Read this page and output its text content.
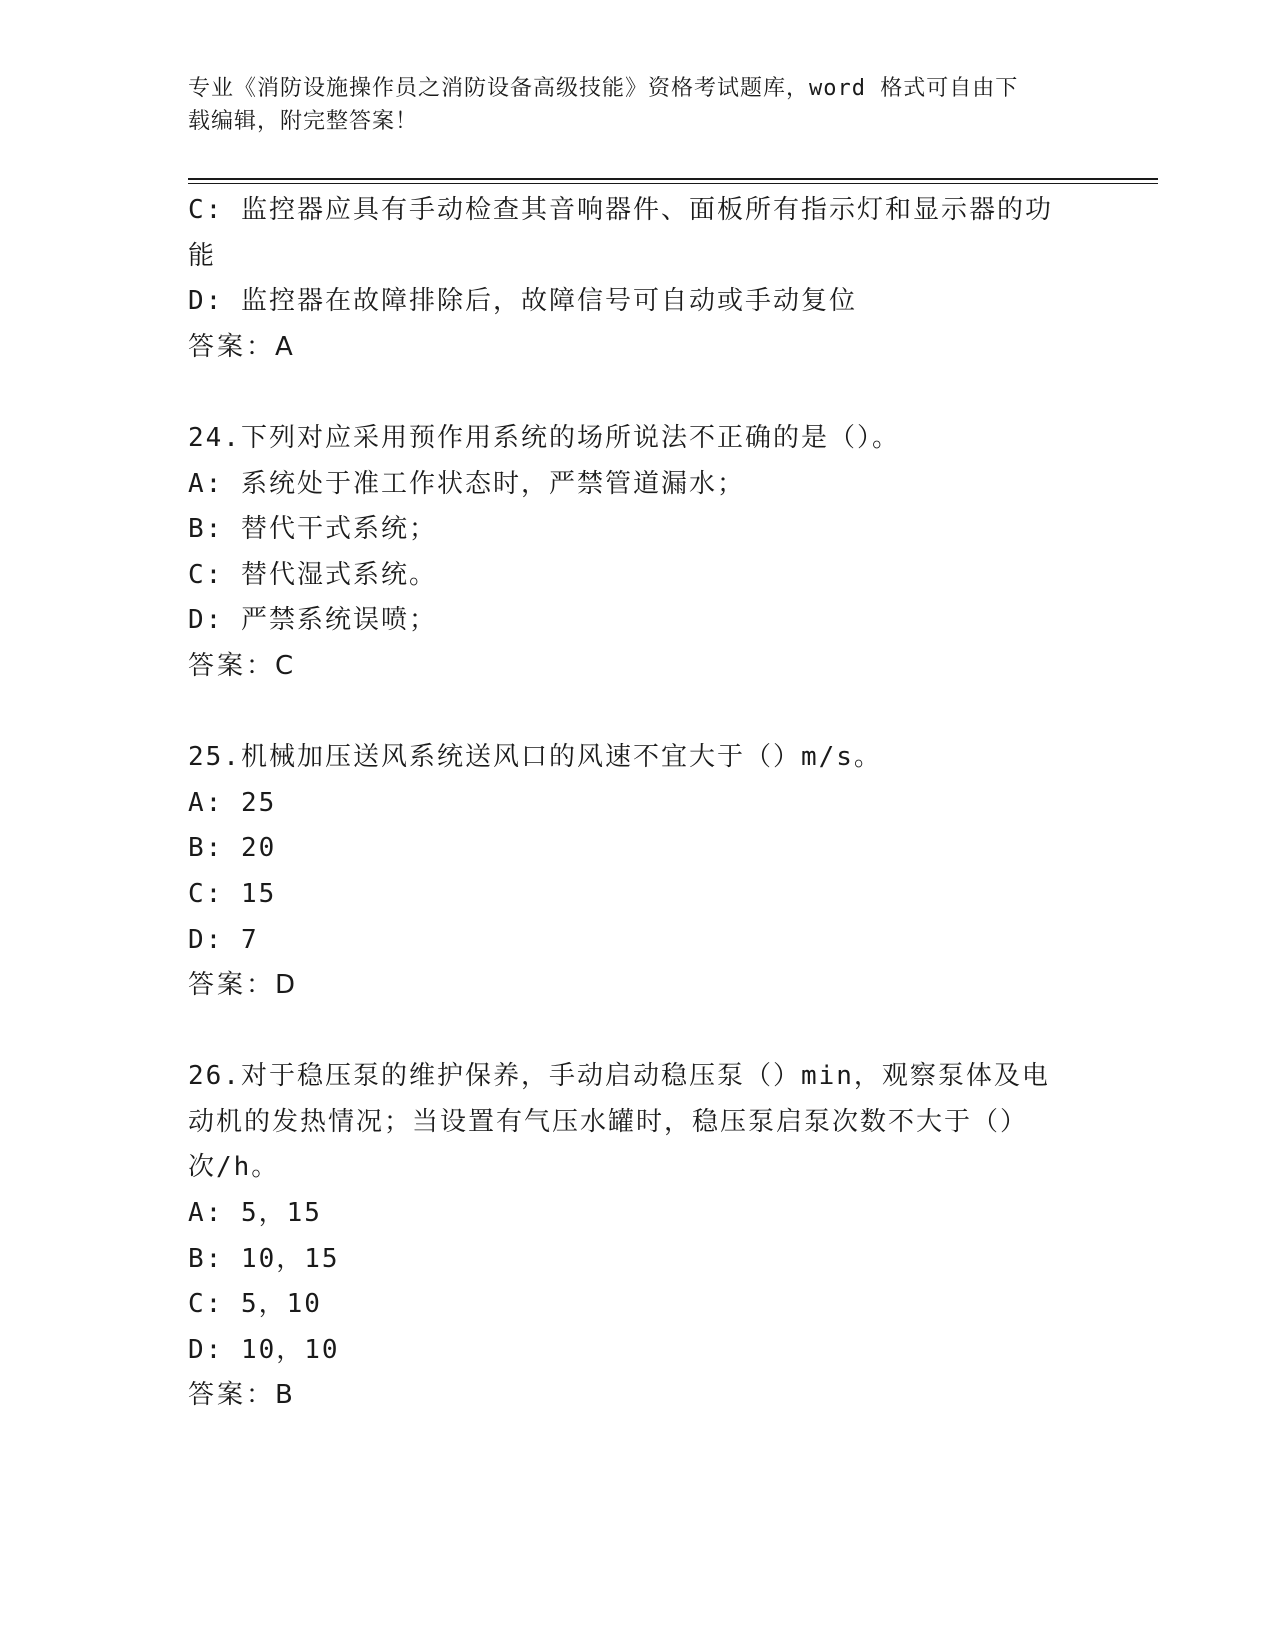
专业《消防设施操作员之消防设备高级技能》资格考试题库，word 格式可自由下
载编辑，附完整答案！
C: 监控器应具有手动检查其音响器件、面板所有指示灯和显示器的功
能
D: 监控器在故障排除后，故障信号可自动或手动复位
答案：A
24.下列对应采用预作用系统的场所说法不正确的是（）。
A: 系统处于准工作状态时，严禁管道漏水；
B: 替代干式系统；
C: 替代湿式系统。
D: 严禁系统误喷；
答案：C
25.机械加压送风系统送风口的风速不宜大于（）m/s。
A: 25
B: 20
C: 15
D: 7
答案：D
26.对于稳压泵的维护保养，手动启动稳压泵（）min，观察泵体及电
动机的发热情况；当设置有气压水罐时，稳压泵启泵次数不大于（）
次/h。
A: 5，15
B: 10，15
C: 5，10
D: 10，10
答案：B
